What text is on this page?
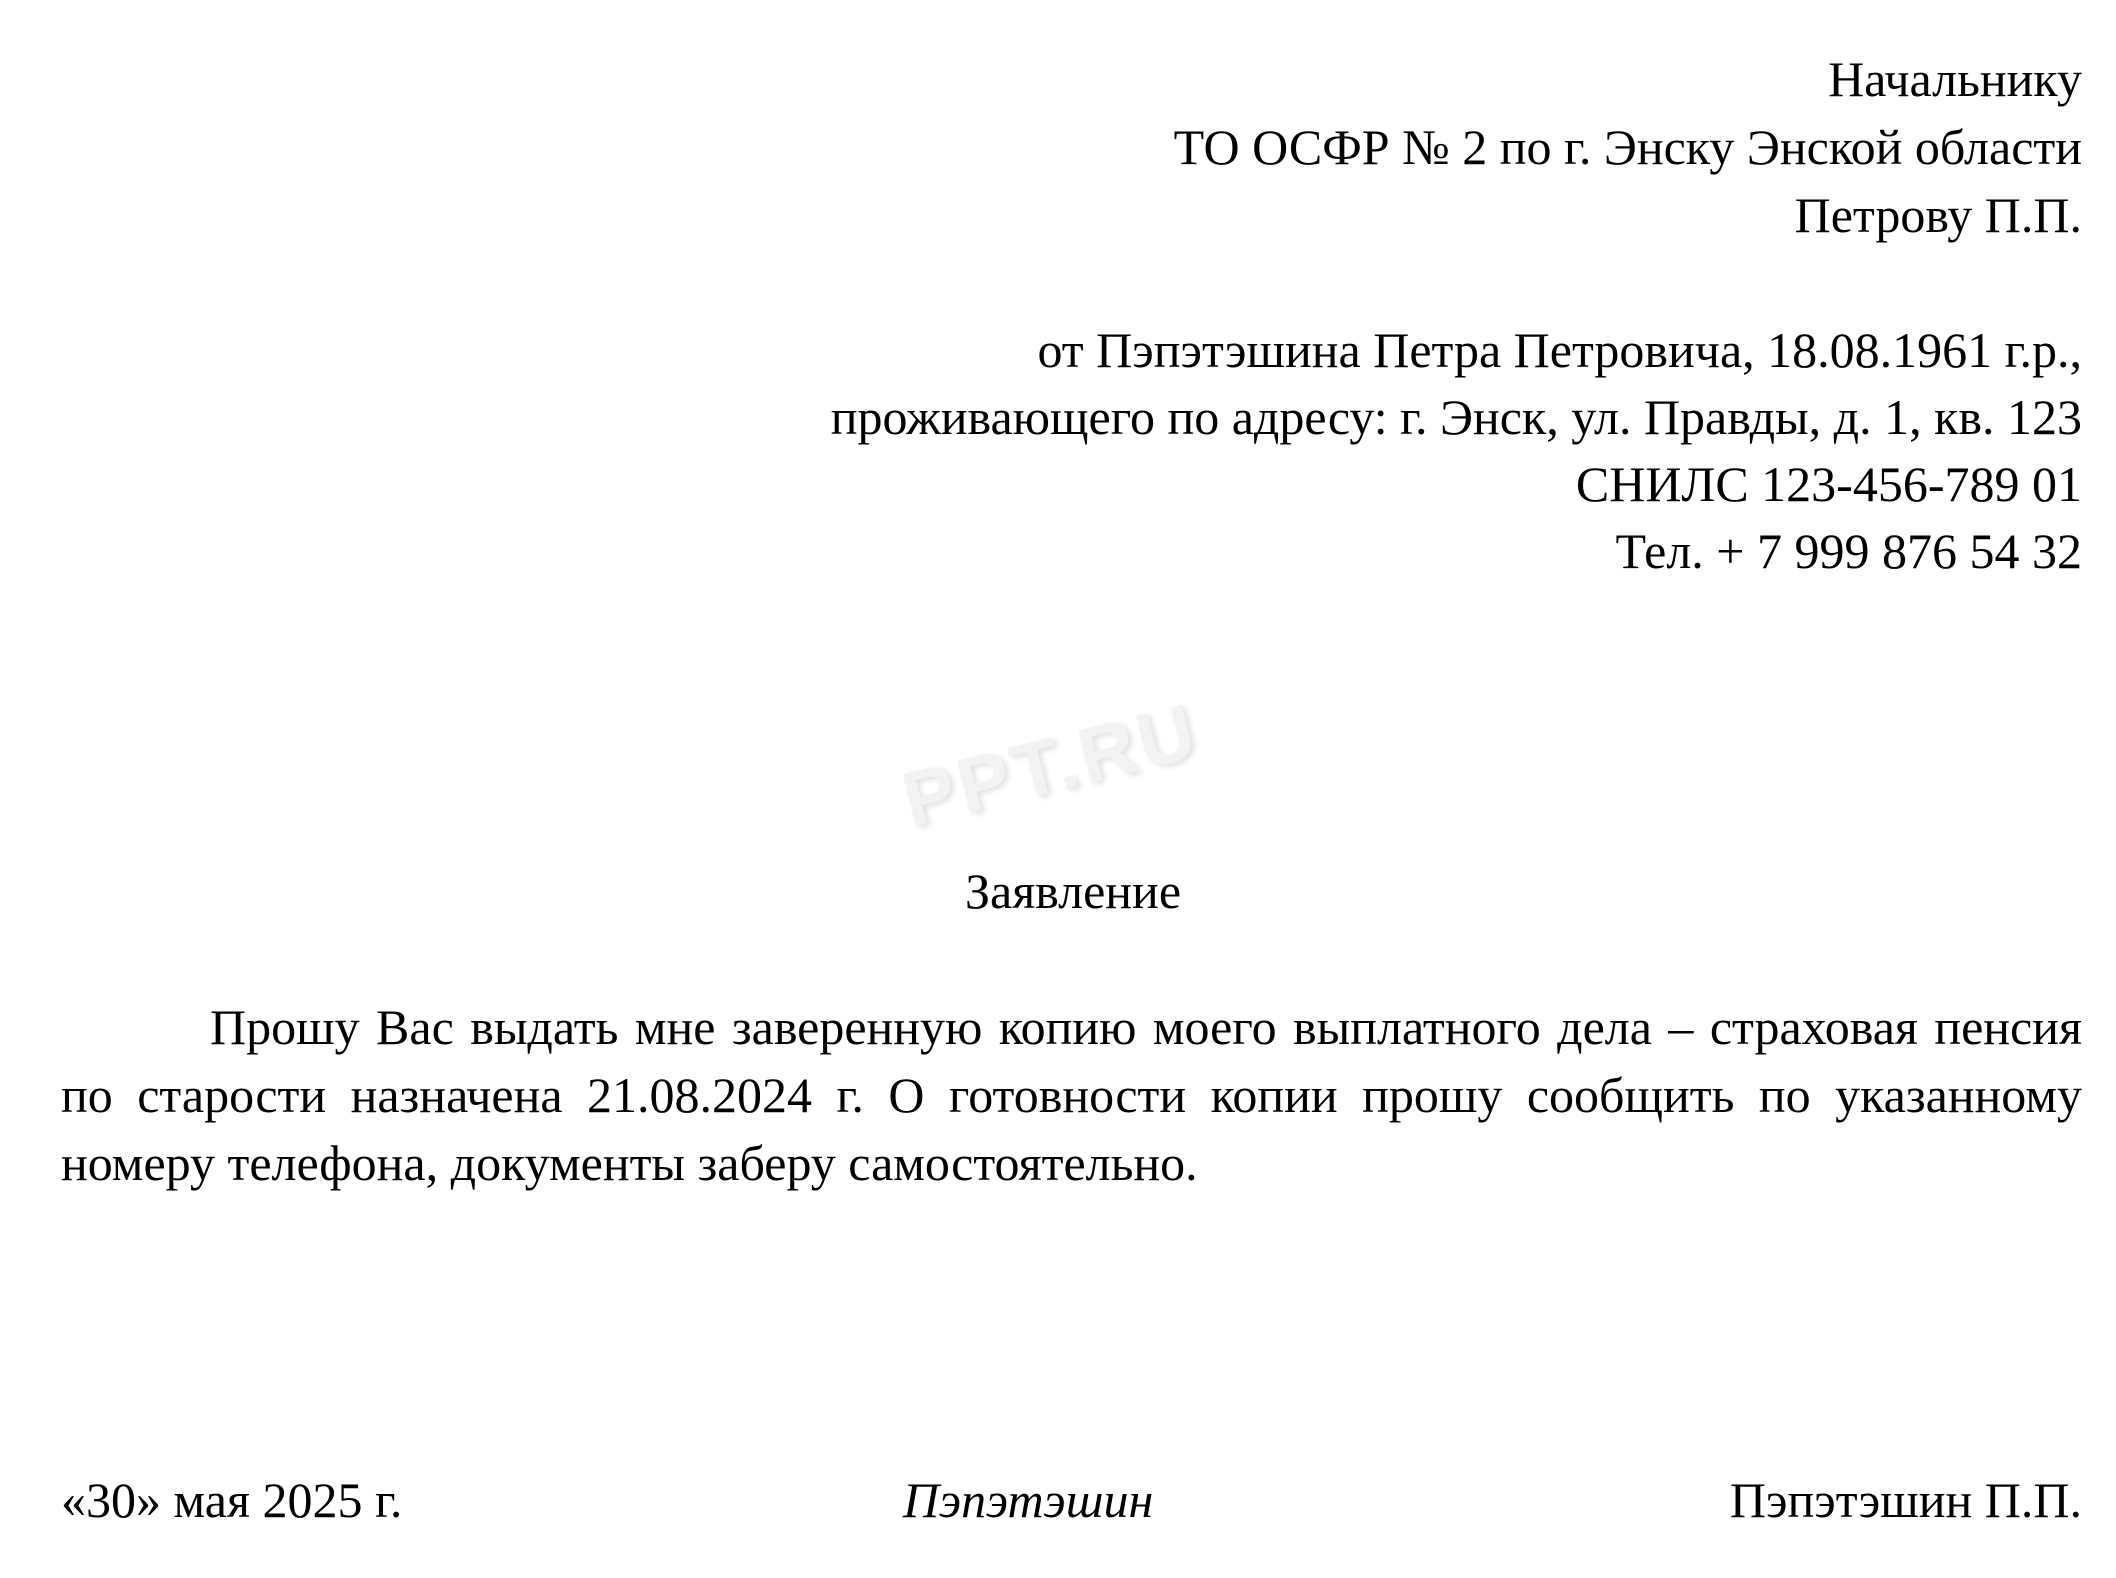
PPT.RU
Начальнику
ТО ОСФР № 2 по г. Энску Энской области
Петрову П.П.
от Пэпэтэшина Петра Петровича, 18.08.1961 г.р.,
проживающего по адресу: г. Энск, ул. Правды, д. 1, кв. 123
СНИЛС 123-456-789 01
Тел. + 7 999 876 54 32
Заявление
Прошу Вас выдать мне заверенную копию моего выплатного дела – страховая пенсия по старости назначена 21.08.2024 г. О готовности копии прошу сообщить по указанному номеру телефона, документы заберу самостоятельно.
«30» мая 2025 г.	Пэпэтэшин	Пэпэтэшин П.П.
